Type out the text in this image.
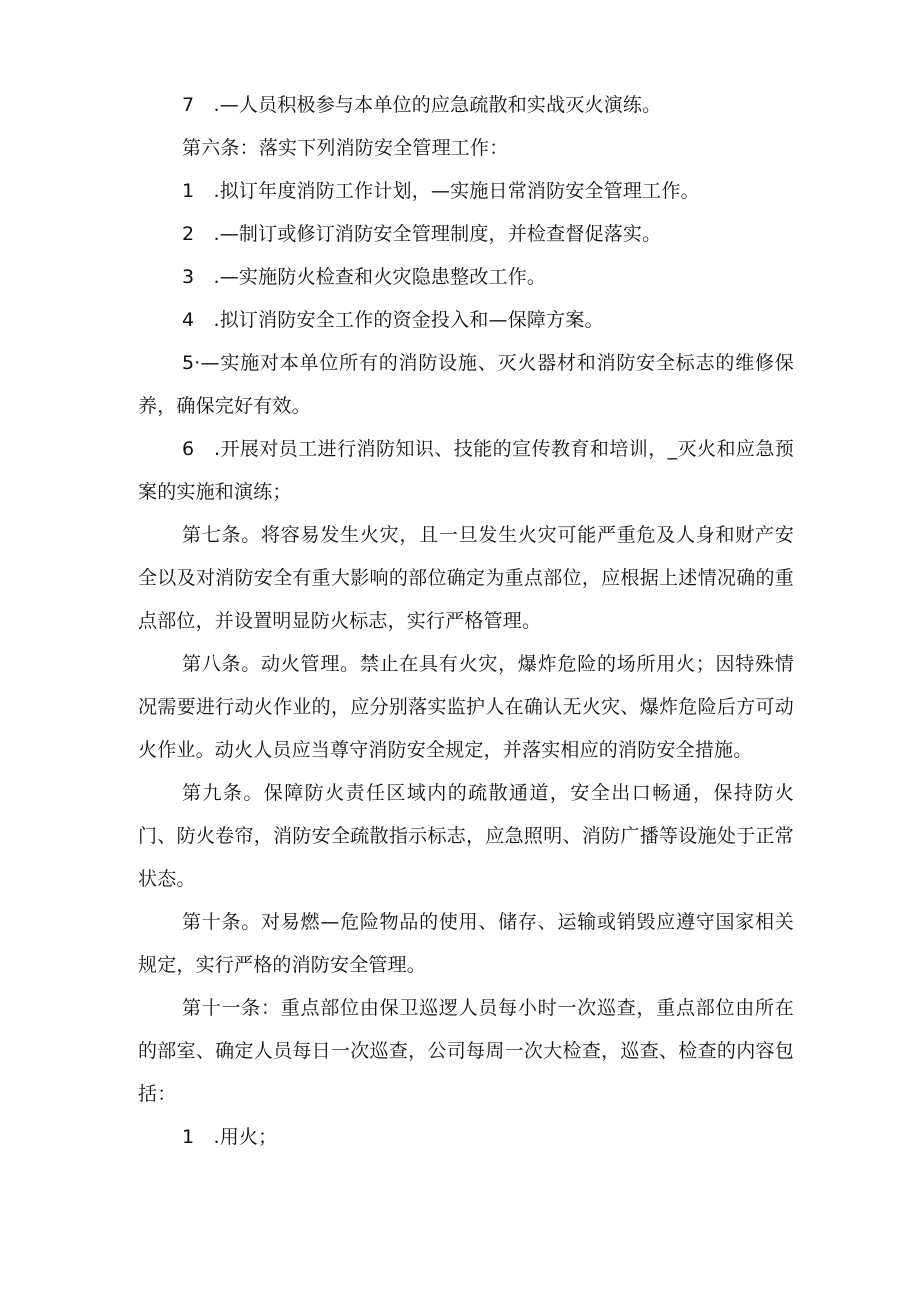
7　.—人员积极参与本单位的应急疏散和实战灭火演练。

第六条：落实下列消防安全管理工作：

1　.拟订年度消防工作计划，—实施日常消防安全管理工作。

2　.—制订或修订消防安全管理制度，并检查督促落实。

3　.—实施防火检查和火灾隐患整改工作。

4　.拟订消防安全工作的资金投入和—保障方案。

5·—实施对本单位所有的消防设施、灭火器材和消防安全标志的维修保养，确保完好有效。

6　.开展对员工进行消防知识、技能的宣传教育和培训，_灭火和应急预案的实施和演练；

第七条。将容易发生火灾，且一旦发生火灾可能严重危及人身和财产安全以及对消防安全有重大影响的部位确定为重点部位，应根据上述情况确的重点部位，并设置明显防火标志，实行严格管理。

第八条。动火管理。禁止在具有火灾，爆炸危险的场所用火；因特殊情况需要进行动火作业的，应分别落实监护人在确认无火灾、爆炸危险后方可动火作业。动火人员应当尊守消防安全规定，并落实相应的消防安全措施。

第九条。保障防火责任区域内的疏散通道，安全出口畅通，保持防火门、防火卷帘，消防安全疏散指示标志，应急照明、消防广播等设施处于正常状态。

第十条。对易燃—危险物品的使用、储存、运输或销毁应遵守国家相关规定，实行严格的消防安全管理。

第十一条：重点部位由保卫巡逻人员每小时一次巡查，重点部位由所在的部室、确定人员每日一次巡查，公司每周一次大检查，巡查、检查的内容包括：

1　.用火；
